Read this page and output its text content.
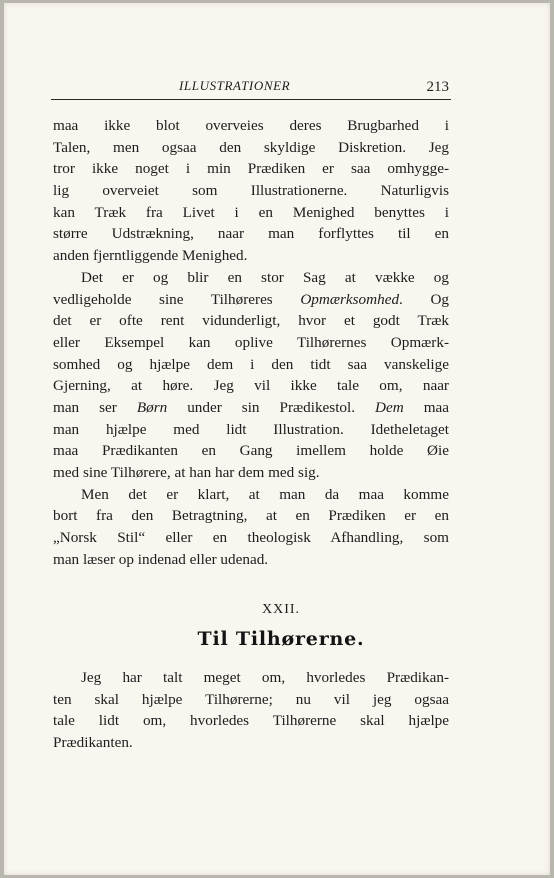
ILLUSTRATIONER	213
maa ikke blot overveies deres Brugbarhed i
Talen, men ogsaa den skyldige Diskretion. Jeg
tror ikke noget i min Prædiken er saa omhygge-
lig overveiet som Illustrationerne. Naturligvis
kan Træk fra Livet i en Menighed benyttes i
større Udstrækning, naar man forflyttes til en
anden fjerntliggende Menighed.
Det er og blir en stor Sag at vække og
vedligeholde sine Tilhøreres Opmærksomhed. Og
det er ofte rent vidunderligt, hvor et godt Træk
eller Eksempel kan oplive Tilhørernes Opmærk-
somhed og hjælpe dem i den tidt saa vanskelige
Gjerning, at høre. Jeg vil ikke tale om, naar
man ser Børn under sin Prædikestol. Dem maa
man hjælpe med lidt Illustration. Idetheletaget
maa Prædikanten en Gang imellem holde Øie
med sine Tilhørere, at han har dem med sig.
Men det er klart, at man da maa komme
bort fra den Betragtning, at en Prædiken er en
„Norsk Stil“ eller en theologisk Afhandling, som
man læser op indenad eller udenad.
XXII.
Til Tilhørerne.
Jeg har talt meget om, hvorledes Prædikan-
ten skal hjælpe Tilhørerne; nu vil jeg ogsaa
tale lidt om, hvorledes Tilhørerne skal hjælpe
Prædikanten.
